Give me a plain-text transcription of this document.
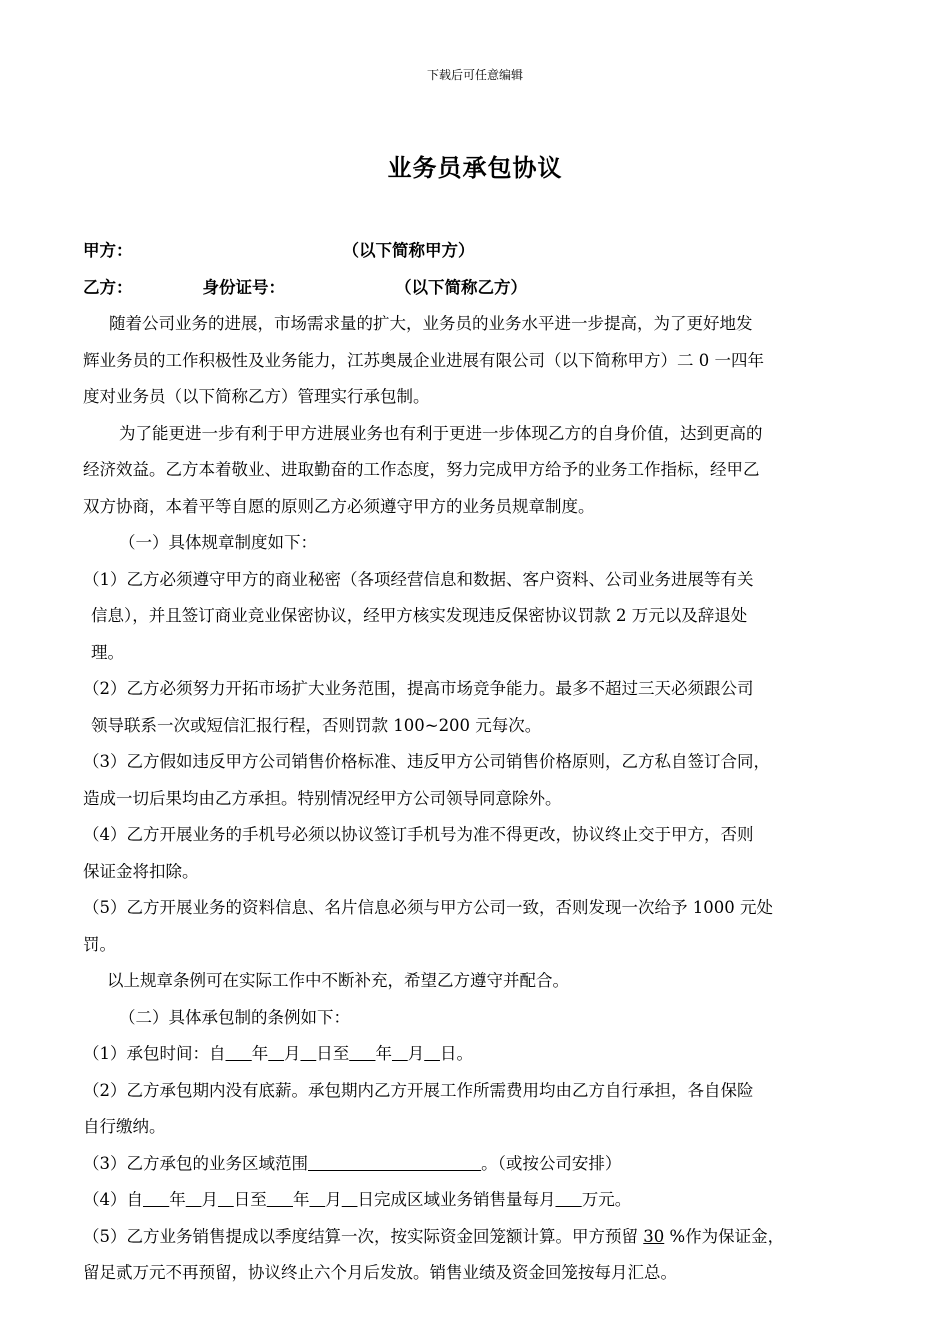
下载后可任意编辑
业务员承包协议
甲方：	（以下简称甲方）
乙方：	身份证号：	（以下简称乙方）
随着公司业务的进展，市场需求量的扩大，业务员的业务水平进一步提高，为了更好地发
辉业务员的工作积极性及业务能力，江苏奥晟企业进展有限公司（以下简称甲方）二 0 一四年
度对业务员（以下简称乙方）管理实行承包制。
为了能更进一步有利于甲方进展业务也有利于更进一步体现乙方的自身价值，达到更高的
经济效益。乙方本着敬业、进取勤奋的工作态度，努力完成甲方给予的业务工作指标，经甲乙
双方协商，本着平等自愿的原则乙方必须遵守甲方的业务员规章制度。
（一）具体规章制度如下：
（1）乙方必须遵守甲方的商业秘密（各项经营信息和数据、客户资料、公司业务进展等有关
信息），并且签订商业竞业保密协议，经甲方核实发现违反保密协议罚款 2 万元以及辞退处
理。
（2）乙方必须努力开拓市场扩大业务范围，提高市场竞争能力。最多不超过三天必须跟公司
领导联系一次或短信汇报行程，否则罚款 100~200 元每次。
（3）乙方假如违反甲方公司销售价格标准、违反甲方公司销售价格原则，乙方私自签订合同，
造成一切后果均由乙方承担。特别情况经甲方公司领导同意除外。
（4）乙方开展业务的手机号必须以协议签订手机号为准不得更改，协议终止交于甲方，否则
保证金将扣除。
（5）乙方开展业务的资料信息、名片信息必须与甲方公司一致，否则发现一次给予 1000 元处
罚。
以上规章条例可在实际工作中不断补充，希望乙方遵守并配合。
（二）具体承包制的条例如下：
（1）承包时间：自 年 月 日至 年 月 日。
（2）乙方承包期内没有底薪。承包期内乙方开展工作所需费用均由乙方自行承担，各自保险
自行缴纳。
（3）乙方承包的业务区域范围	。（或按公司安排）
（4）自 年 月 日至 年 月 日完成区域业务销售量每月 万元。
（5）乙方业务销售提成以季度结算一次，按实际资金回笼额计算。甲方预留 30 %作为保证金，
留足贰万元不再预留，协议终止六个月后发放。销售业绩及资金回笼按每月汇总。
